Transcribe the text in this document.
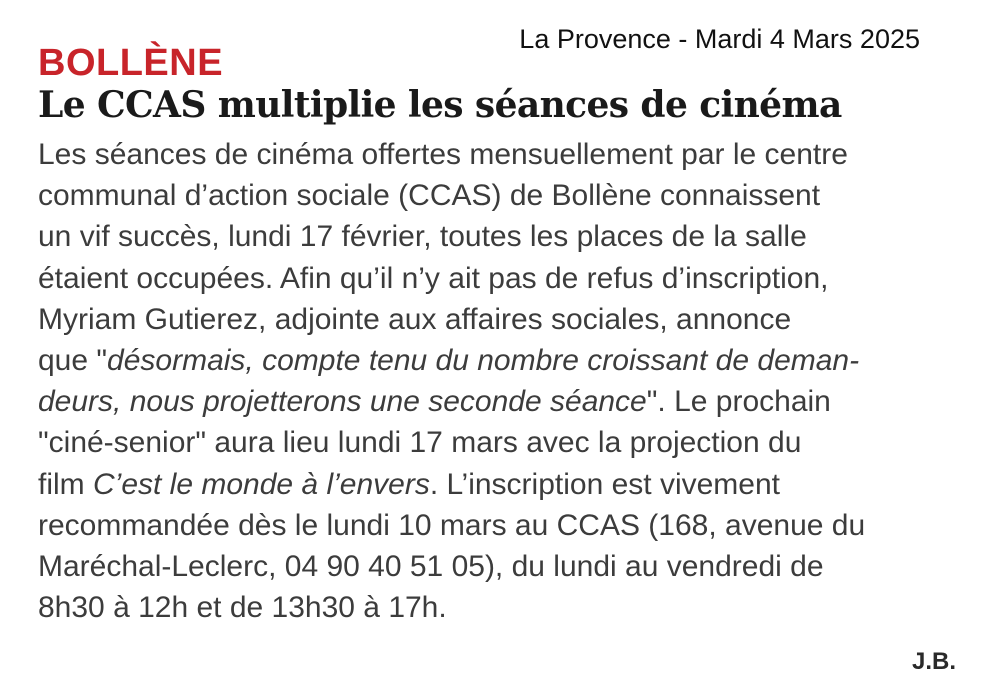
La Provence - Mardi 4 Mars 2025
BOLLÈNE
Le CCAS multiplie les séances de cinéma
Les séances de cinéma offertes mensuellement par le centre
communal d’action sociale (CCAS) de Bollène connaissent
un vif succès, lundi 17 février, toutes les places de la salle
étaient occupées. Afin qu’il n’y ait pas de refus d’inscription,
Myriam Gutierez, adjointe aux affaires sociales, annonce
que "désormais, compte tenu du nombre croissant de deman-
deurs, nous projetterons une seconde séance". Le prochain
"ciné-senior" aura lieu lundi 17 mars avec la projection du
film C’est le monde à l’envers. L’inscription est vivement
recommandée dès le lundi 10 mars au CCAS (168, avenue du
Maréchal-Leclerc, 04 90 40 51 05), du lundi au vendredi de
8h30 à 12h et de 13h30 à 17h.
J.B.
